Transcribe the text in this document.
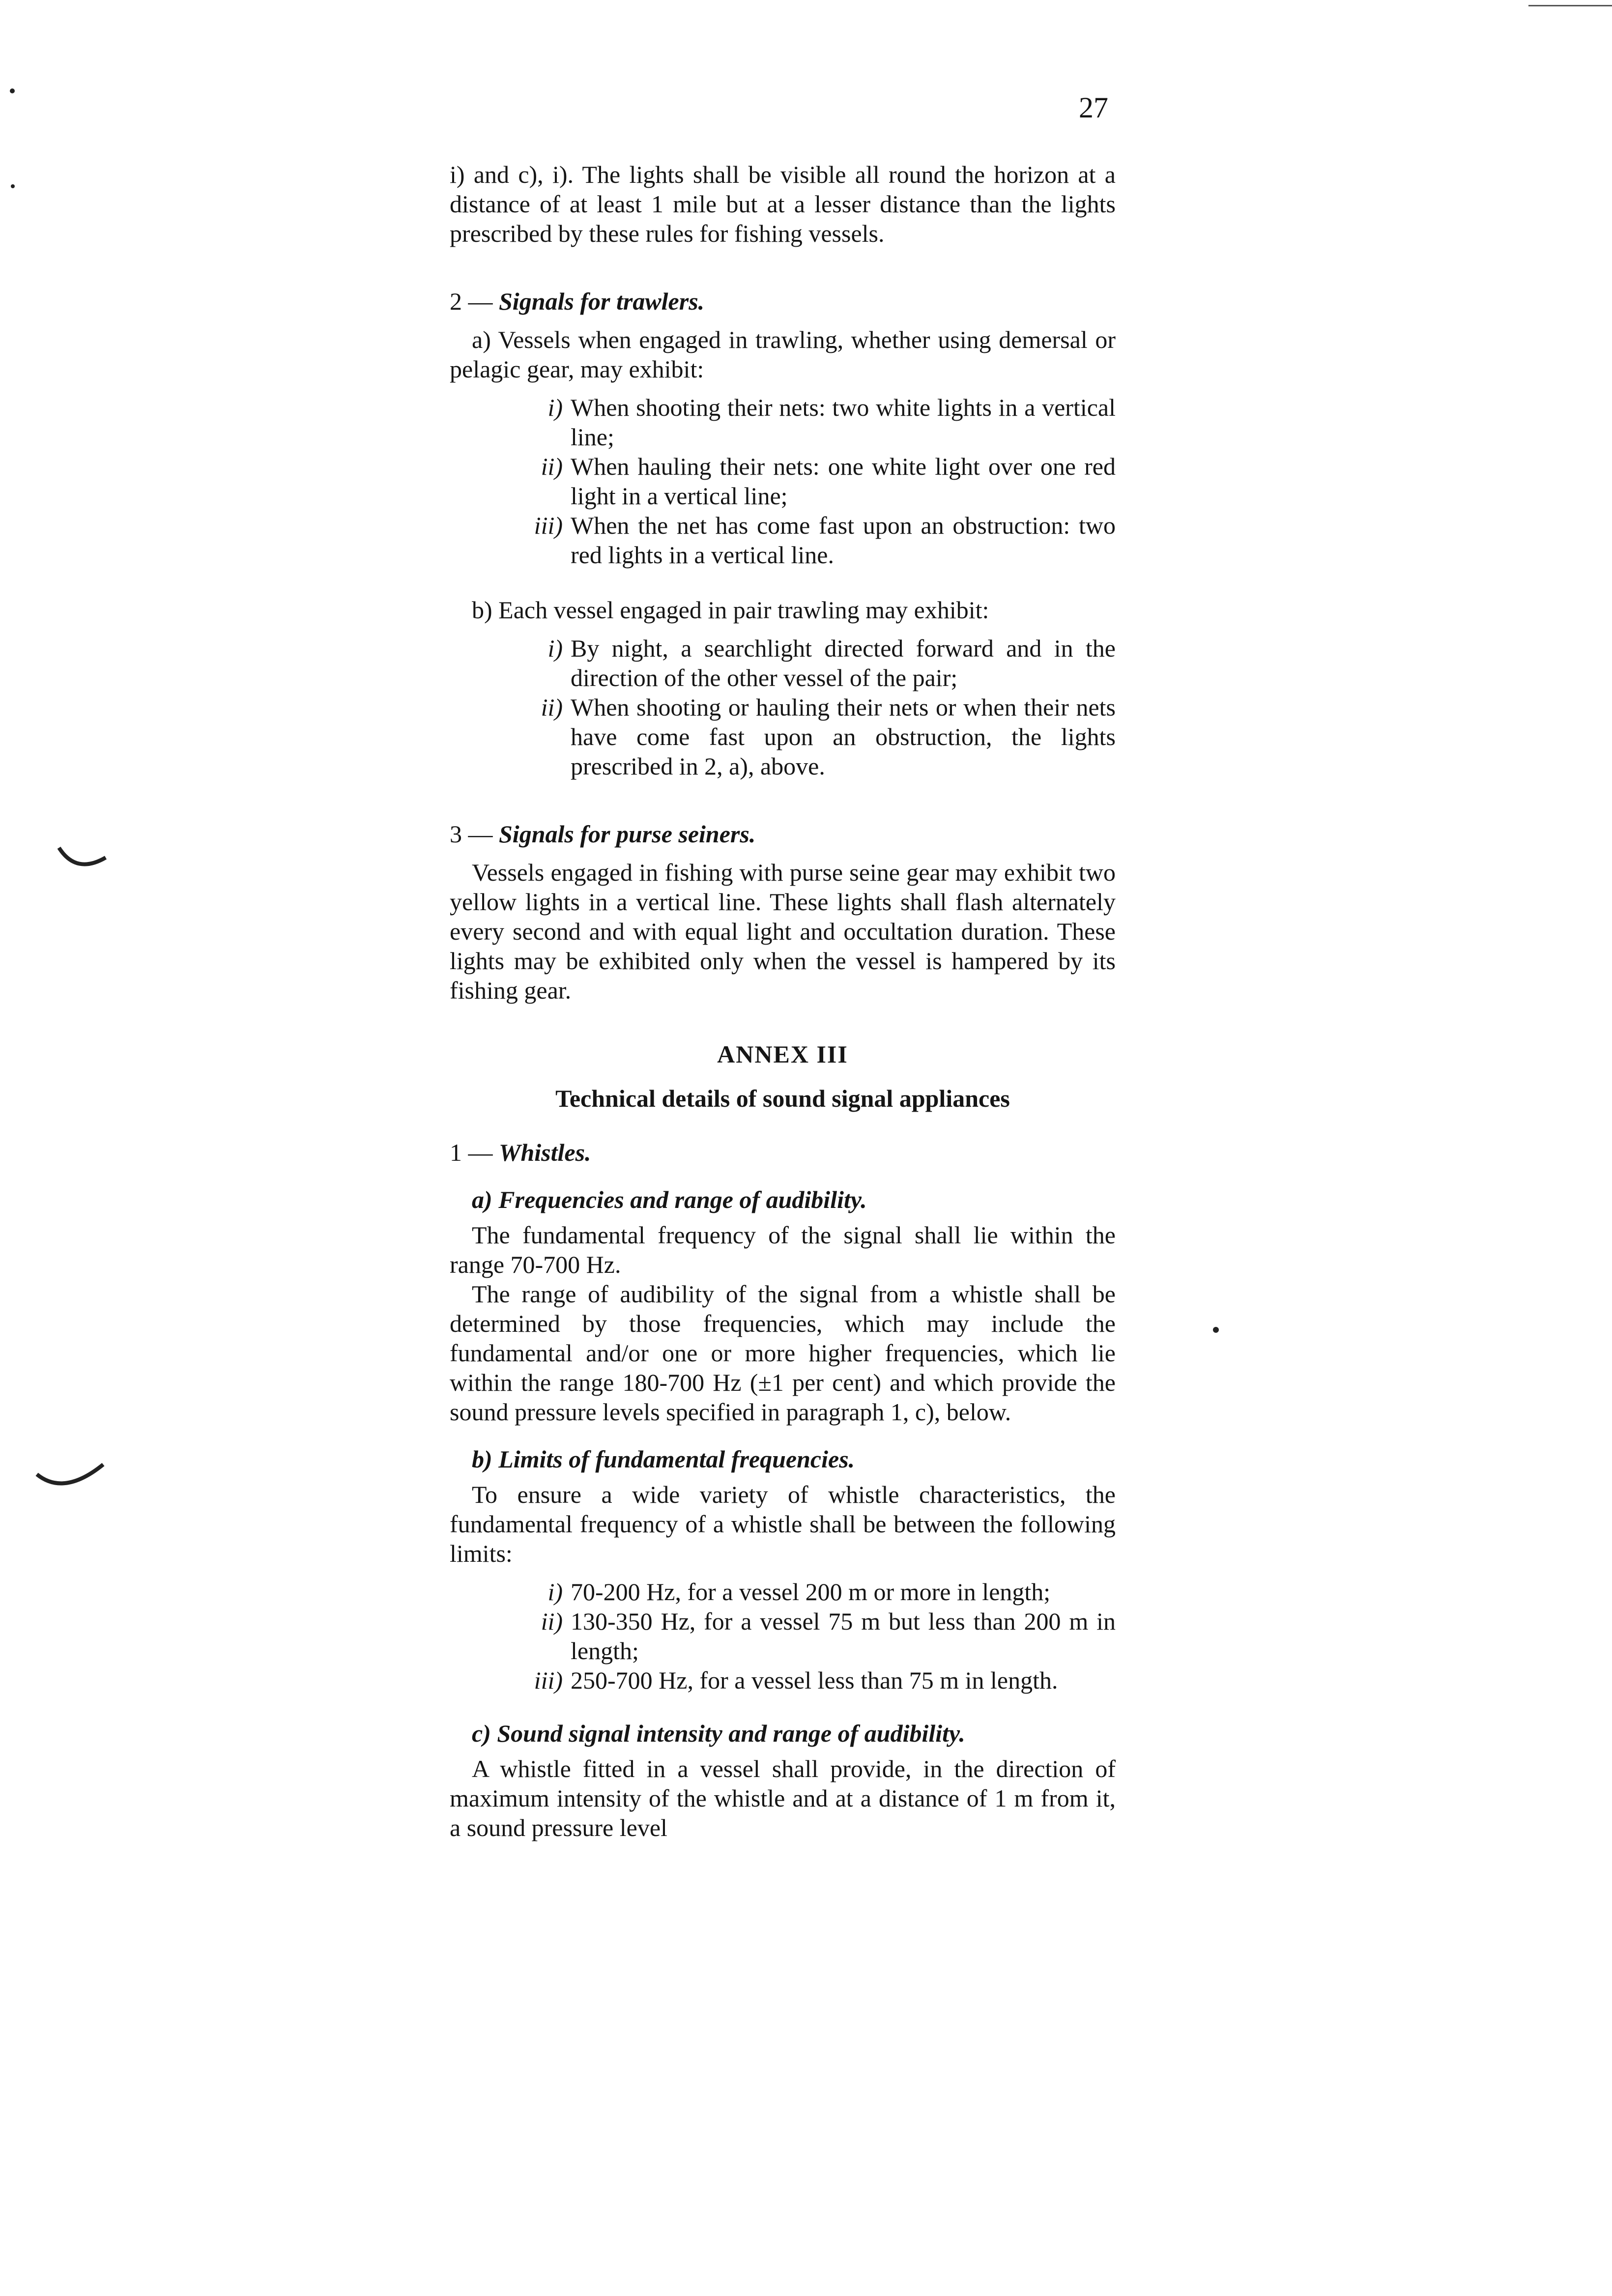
27

i) and c), i). The lights shall be visible all round the horizon at a distance of at least 1 mile but at a lesser distance than the lights prescribed by these rules for fishing vessels.

2 — Signals for trawlers.

a) Vessels when engaged in trawling, whether using demersal or pelagic gear, may exhibit:

i) When shooting their nets: two white lights in a vertical line;
ii) When hauling their nets: one white light over one red light in a vertical line;
iii) When the net has come fast upon an obstruction: two red lights in a vertical line.

b) Each vessel engaged in pair trawling may exhibit:

i) By night, a searchlight directed forward and in the direction of the other vessel of the pair;
ii) When shooting or hauling their nets or when their nets have come fast upon an obstruction, the lights prescribed in 2, a), above.
3 — Signals for purse seiners.

Vessels engaged in fishing with purse seine gear may exhibit two yellow lights in a vertical line. These lights shall flash alternately every second and with equal light and occultation duration. These lights may be exhibited only when the vessel is hampered by its fishing gear.

ANNEX III
Technical details of sound signal appliances
1 — Whistles.
a) Frequencies and range of audibility.

The fundamental frequency of the signal shall lie within the range 70-700 Hz.

The range of audibility of the signal from a whistle shall be determined by those frequencies, which may include the fundamental and/or one or more higher frequencies, which lie within the range 180-700 Hz (±1 per cent) and which provide the sound pressure levels specified in paragraph 1, c), below.

b) Limits of fundamental frequencies.

To ensure a wide variety of whistle characteristics, the fundamental frequency of a whistle shall be between the following limits:

i) 70-200 Hz, for a vessel 200 m or more in length;
ii) 130-350 Hz, for a vessel 75 m but less than 200 m in length;
iii) 250-700 Hz, for a vessel less than 75 m in length.
c) Sound signal intensity and range of audibility.

A whistle fitted in a vessel shall provide, in the direction of maximum intensity of the whistle and at a distance of 1 m from it, a sound pressure level
